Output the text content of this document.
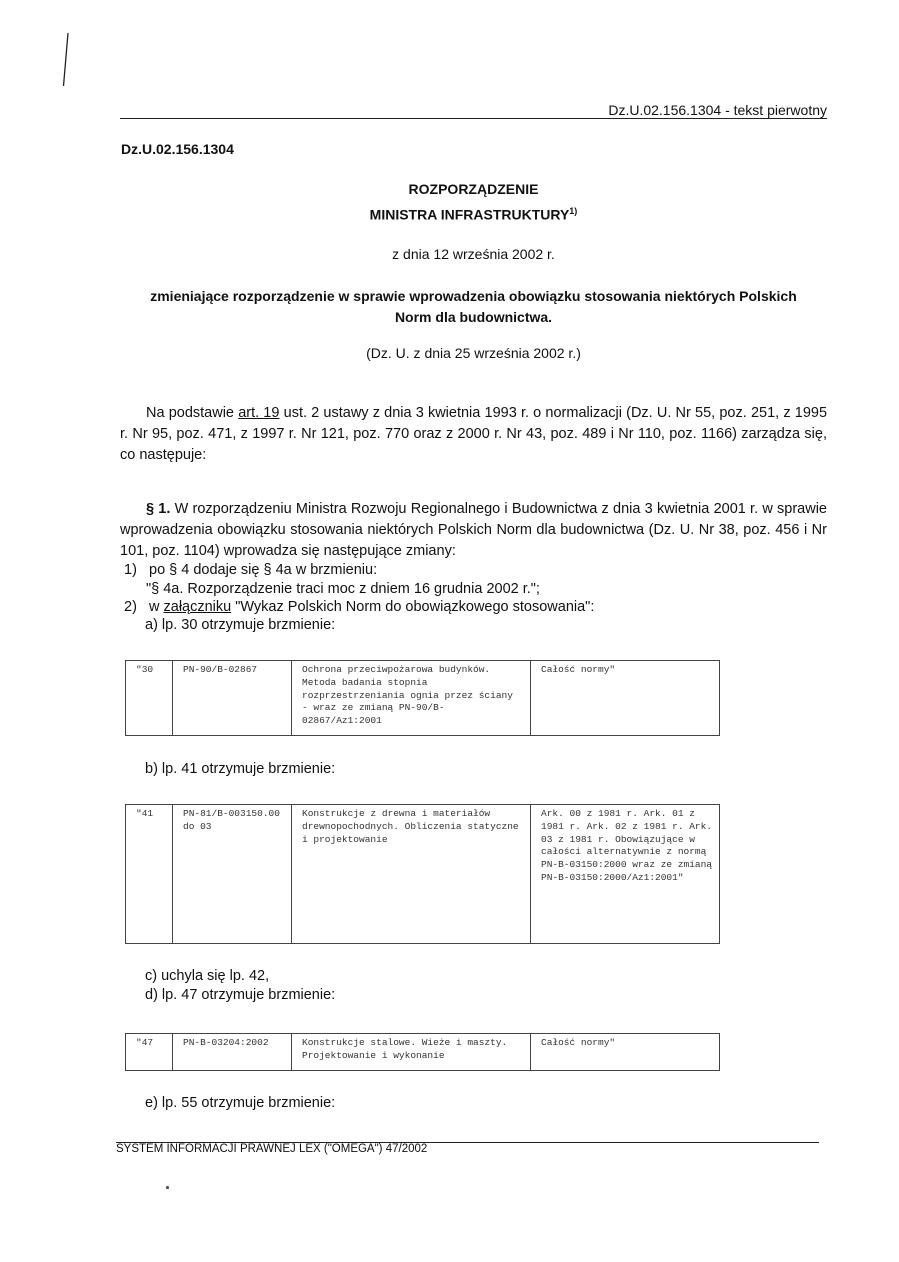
Dz.U.02.156.1304 - tekst pierwotny
Dz.U.02.156.1304
ROZPORZĄDZENIE
MINISTRA INFRASTRUKTURY$^{1)}$
z dnia 12 września 2002 r.
zmieniające rozporządzenie w sprawie wprowadzenia obowiązku stosowania niektórych Polskich
Norm dla budownictwa.
(Dz. U. z dnia 25 września 2002 r.)
Na podstawie art. 19 ust. 2 ustawy z dnia 3 kwietnia 1993 r. o normalizacji (Dz. U. Nr 55, poz. 251, z 1995 r. Nr 95, poz. 471, z 1997 r. Nr 121, poz. 770 oraz z 2000 r. Nr 43, poz. 489 i Nr 110, poz. 1166) zarządza się, co następuje:
§ 1. W rozporządzeniu Ministra Rozwoju Regionalnego i Budownictwa z dnia 3 kwietnia 2001 r. w sprawie wprowadzenia obowiązku stosowania niektórych Polskich Norm dla budownictwa (Dz. U. Nr 38, poz. 456 i Nr 101, poz. 1104) wprowadza się następujące zmiany:
1) po § 4 dodaje się § 4a w brzmieniu:
"§ 4a. Rozporządzenie traci moc z dniem 16 grudnia 2002 r.";
2) w załączniku "Wykaz Polskich Norm do obowiązkowego stosowania":
a) lp. 30 otrzymuje brzmienie:
"30	PN-90/B-02867	Ochrona przeciwpożarowa budynków. Metoda badania stopnia rozprzestrzeniania ognia przez ściany - wraz ze zmianą PN-90/B-02867/Az1:2001	Całość normy"
b) lp. 41 otrzymuje brzmienie:
"41	PN-81/B-003150.00 do 03	Konstrukcje z drewna i materiałów drewnopochodnych. Obliczenia statyczne i projektowanie	Ark. 00 z 1981 r. Ark. 01 z 1981 r. Ark. 02 z 1981 r. Ark. 03 z 1981 r. Obowiązujące w całości alternatywnie z normą PN-B-03150:2000 wraz ze zmianą PN-B-03150:2000/Az1:2001"
c) uchyla się lp. 42,
d) lp. 47 otrzymuje brzmienie:
"47	PN-B-03204:2002	Konstrukcje stalowe. Wieże i maszty. Projektowanie i wykonanie	Całość normy"
e) lp. 55 otrzymuje brzmienie:
SYSTEM INFORMACJI PRAWNEJ LEX ("OMEGA") 47/2002
